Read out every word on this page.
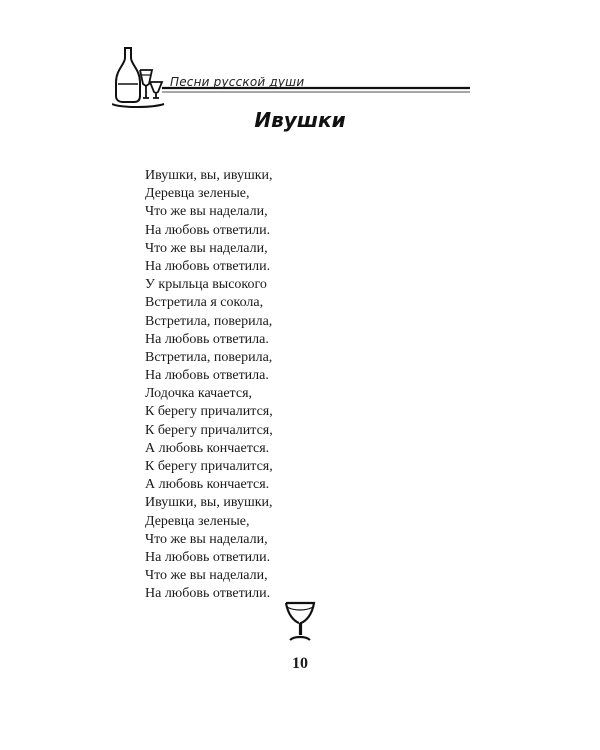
Песни русской души
Ивушки
Ивушки, вы, ивушки,
Деревца зеленые,
Что же вы наделали,
На любовь ответили.
Что же вы наделали,
На любовь ответили.
У крыльца высокого
Встретила я сокола,
Встретила, поверила,
На любовь ответила.
Встретила, поверила,
На любовь ответила.
Лодочка качается,
К берегу причалится,
К берегу причалится,
А любовь кончается.
К берегу причалится,
А любовь кончается.
Ивушки, вы, ивушки,
Деревца зеленые,
Что же вы наделали,
На любовь ответили.
Что же вы наделали,
На любовь ответили.
10
